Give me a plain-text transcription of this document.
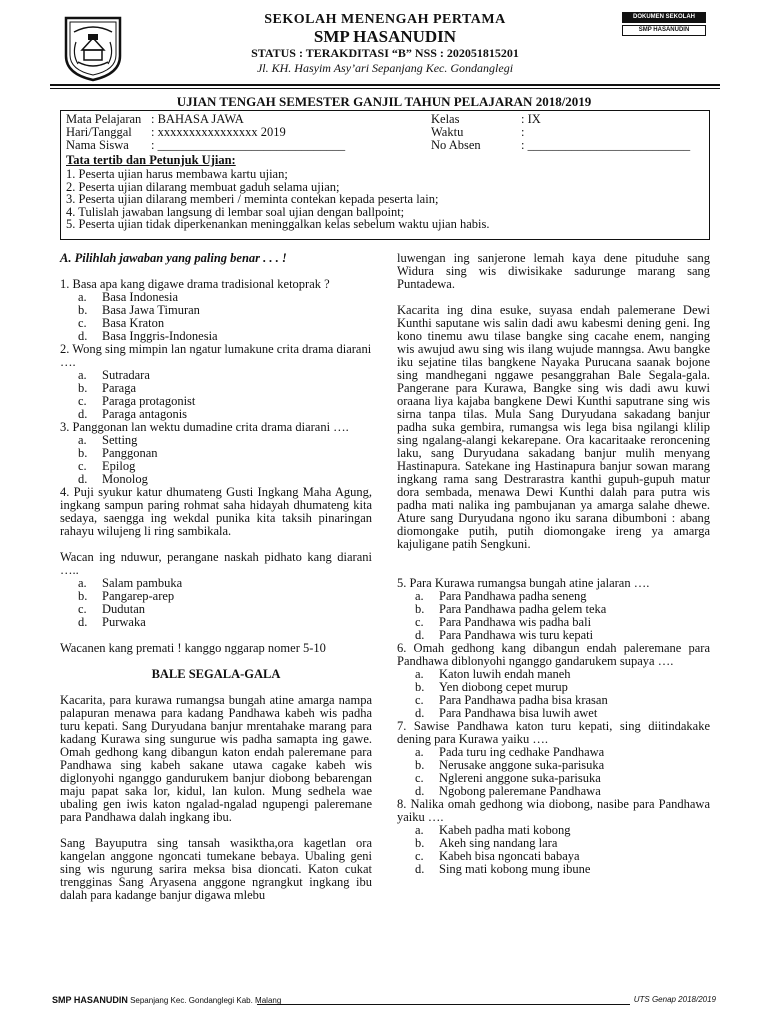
SEKOLAH MENENGAH PERTAMA
SMP HASANUDIN
STATUS : TERAKDITASI “B” NSS : 202051815201
Jl. KH. Hasyim Asy’ari Sepanjang Kec. Gondanglegi
DOKUMEN SEKOLAH
SMP HASANUDIN
UJIAN TENGAH SEMESTER GANJIL TAHUN PELAJARAN 2018/2019
Mata Pelajaran : BAHASA JAWA	Kelas	: IX
Hari/Tanggal : xxxxxxxxxxxxxxxx 2019	Waktu	:
Nama Siswa : ______________________________	No Absen	: __________________________
Tata tertib dan Petunjuk Ujian:
1. Peserta ujian harus membawa kartu ujian;
2. Peserta ujian dilarang membuat gaduh selama ujian;
3. Peserta ujian dilarang memberi / meminta contekan kepada peserta lain;
4. Tulislah jawaban langsung di lembar soal ujian dengan ballpoint;
5. Peserta ujian tidak diperkenankan meninggalkan kelas sebelum waktu ujian habis.

A. Pilihlah jawaban yang paling benar . . . !

1. Basa apa kang digawe drama tradisional ketoprak ?

a. Basa Indonesia
b. Basa Jawa Timuran
c. Basa Kraton
d. Basa Inggris-Indonesia

2. Wong sing mimpin lan ngatur lumakune crita drama diarani ….

a. Sutradara
b. Paraga
c. Paraga protagonist
d. Paraga antagonis

3. Panggonan lan wektu dumadine crita drama diarani ….

a. Setting
b. Panggonan
c. Epilog
d. Monolog

4. Puji syukur katur dhumateng Gusti Ingkang Maha Agung, ingkang sampun paring rohmat saha hidayah dhumateng kita sedaya, saengga ing wekdal punika kita taksih pinaringan rahayu wilujeng li ring sambikala.

Wacan ing nduwur, perangane naskah pidhato kang diarani …..

a. Salam pambuka
b. Pangarep-arep
c. Dudutan
d. Purwaka

Wacanen kang premati ! kanggo nggarap nomer 5-10

BALE SEGALA-GALA

Kacarita, para kurawa rumangsa bungah atine amarga nampa palapuran menawa para kadang Pandhawa kabeh wis padha turu kepati. Sang Duryudana banjur mrentahake marang para kadang Kurawa sing sungurue wis padha samapta ing gawe. Omah gedhong kang dibangun katon endah paleremane para Pandhawa sing kabeh sakane utawa cagake kabeh wis diglonyohi nganggo gandurukem banjur diobong bebarengan maju papat saka lor, kidul, lan kulon. Mung sedhela wae ubaling gen iwis katon ngalad-ngalad ngupengi paleremane para Pandhawa dalah ingkang ibu.

Sang Bayuputra sing tansah wasiktha,ora kagetlan ora kangelan anggone ngoncati tumekane bebaya. Ubaling geni sing wis ngurung sarira meksa bisa dioncati. Katon cukat trengginas Sang Aryasena anggone ngrangkut ingkang ibu dalah para kadange banjur digawa mlebu

luwengan ing sanjerone lemah kaya dene pituduhe sang Widura sing wis diwisikake sadurunge marang sang Puntadewa.

Kacarita ing dina esuke, suyasa endah palemerane Dewi Kunthi saputane wis salin dadi awu kabesmi dening geni. Ing kono tinemu awu tilase bangke sing cacahe enem, nanging wis awujud awu sing wis ilang wujude manngsa. Awu bangke iku sejatine tilas bangkene Nayaka Purucana saanak bojone sing mandhegani nggawe pesanggrahan Bale Segala-gala. Pangerane para Kurawa, Bangke sing wis dadi awu kuwi oraana liya kajaba bangkene Dewi Kunthi saputrane sing wis sirna tanpa tilas. Mula Sang Duryudana sakadang banjur padha suka gembira, rumangsa wis lega bisa ngilangi klilip sing ngalang-alangi kekarepane. Ora kacaritaake reroncening laku, sang Duryudana sakadang banjur mulih menyang Hastinapura. Satekane ing Hastinapura banjur sowan marang ingkang rama sang Destrarastra kanthi gupuh-gupuh matur dora sembada, menawa Dewi Kunthi dalah para putra wis padha mati nalika ing pambujanan ya amarga salahe dhewe. Ature sang Duryudana ngono iku sarana dibumboni : abang diomongake putih, putih diomongake ireng ya amarga kajuligane patih Sengkuni.

5. Para Kurawa rumangsa bungah atine jalaran ….

a. Para Pandhawa padha seneng
b. Para Pandhawa padha gelem teka
c. Para Pandhawa wis padha bali
d. Para Pandhawa wis turu kepati

6. Omah gedhong kang dibangun endah paleremane para Pandhawa diblonyohi nganggo gandarukem supaya ….

a. Katon luwih endah maneh
b. Yen diobong cepet murup
c. Para Pandhawa padha bisa krasan
d. Para Pandhawa bisa luwih awet

7. Sawise Pandhawa katon turu kepati, sing diitindakake dening para Kurawa yaiku ….

a. Pada turu ing cedhake Pandhawa
b. Nerusake anggone suka-parisuka
c. Nglereni anggone suka-parisuka
d. Ngobong paleremane Pandhawa

8. Nalika omah gedhong wia diobong, nasibe para Pandhawa yaiku ….

a. Kabeh padha mati kobong
b. Akeh sing nandang lara
c. Kabeh bisa ngoncati babaya
d. Sing mati kobong mung ibune
SMP HASANUDIN Sepanjang Kec. Gondanglegi Kab. Malang	UTS Genap 2018/2019
